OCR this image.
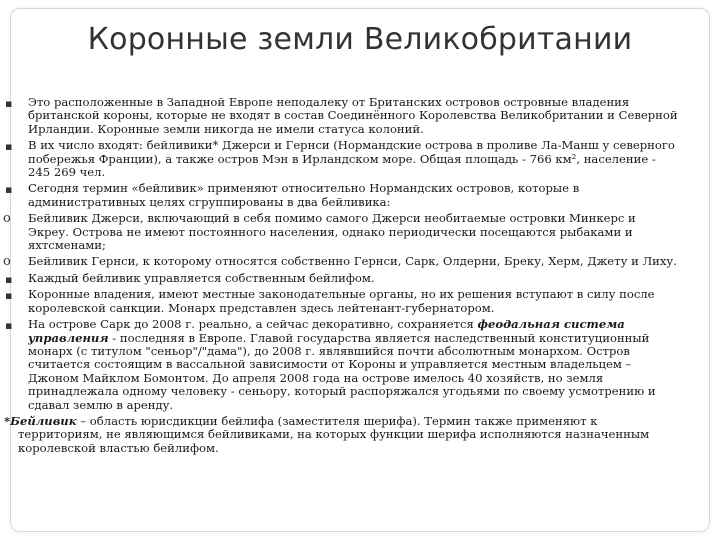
Коронные земли Великобритании
▪ Это расположенные в Западной Европе неподалеку от Британских островов островные владения британской короны, которые не входят в состав Соединённого Королевства Великобритании и Северной Ирландии. Коронные земли никогда не имели статуса колоний.
▪ В их число входят: бейливики* Джерси и Гернси (Нормандские острова в проливе Ла-Манш у северного побережья Франции), а также остров Мэн в Ирландском море. Общая площадь - 766 км², население - 245 269 чел.
▪ Сегодня термин «бейливик» применяют относительно Нормандских островов, которые в административных целях сгруппированы в два бейливика:
o Бейливик Джерси, включающий в себя помимо самого Джерси необитаемые островки Минкерс и Экреу. Острова не имеют постоянного населения, однако периодически посещаются рыбаками и яхтсменами;
o Бейливик Гернси, к которому относятся собственно Гернси, Сарк, Олдерни, Бреку, Херм, Джету и Лиху.
▪ Каждый бейливик управляется собственным бейлифом.
▪ Коронные владения, имеют местные законодательные органы, но их решения вступают в силу после королевской санкции. Монарх представлен здесь лейтенант-губернатором.
▪ На острове Сарк до 2008 г. реально, а сейчас декоративно, сохраняется феодальная система управления - последняя в Европе. Главой государства является наследственный конституционный монарх (с титулом "сеньор"/"дама"), до 2008 г. являвшийся почти абсолютным монархом. Остров считается состоящим в вассальной зависимости от Короны и управляется местным владельцем – Джоном Майклом Бомонтом. До апреля 2008 года на острове имелось 40 хозяйств, но земля принадлежала одному человеку - сеньору, который распоряжался угодьями по своему усмотрению и сдавал землю в аренду.
*Бейливик – область юрисдикции бейлифа (заместителя шерифа). Термин также применяют к территориям, не являющимся бейливиками, на которых функции шерифа исполняются назначенным королевской властью бейлифом.
